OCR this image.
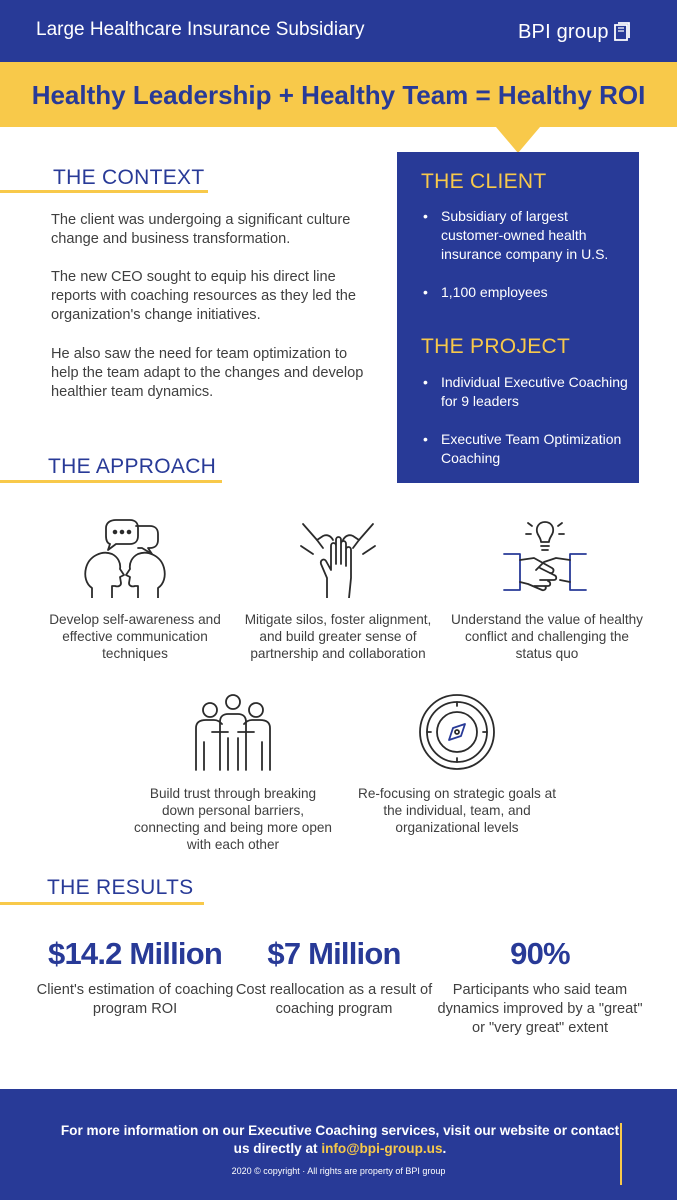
Large Healthcare Insurance Subsidiary	BPI group
Healthy Leadership + Healthy Team = Healthy ROI
THE CONTEXT
The client was undergoing a significant culture change and business transformation.
The new CEO sought to equip his direct line reports with coaching resources as they led the organization's change initiatives.
He also saw the need for team optimization to help the team adapt to the changes and develop healthier team dynamics.
THE CLIENT
• Subsidiary of largest customer-owned health insurance company in U.S.
• 1,100 employees
THE PROJECT
• Individual Executive Coaching for 9 leaders
• Executive Team Optimization Coaching
THE APPROACH
Develop self-awareness and effective communication techniques
Mitigate silos, foster alignment, and build greater sense of partnership and collaboration
Understand the value of healthy conflict and challenging the status quo
Build trust through breaking down personal barriers, connecting and being more open with each other
Re-focusing on strategic goals at the individual, team, and organizational levels
THE RESULTS
$14.2 Million
Client's estimation of coaching program ROI
$7 Million
Cost reallocation as a result of coaching program
90%
Participants who said team dynamics improved by a "great" or "very great" extent
For more information on our Executive Coaching services, visit our website or contact us directly at info@bpi-group.us.
2020 © copyright · All rights are property of BPI group
